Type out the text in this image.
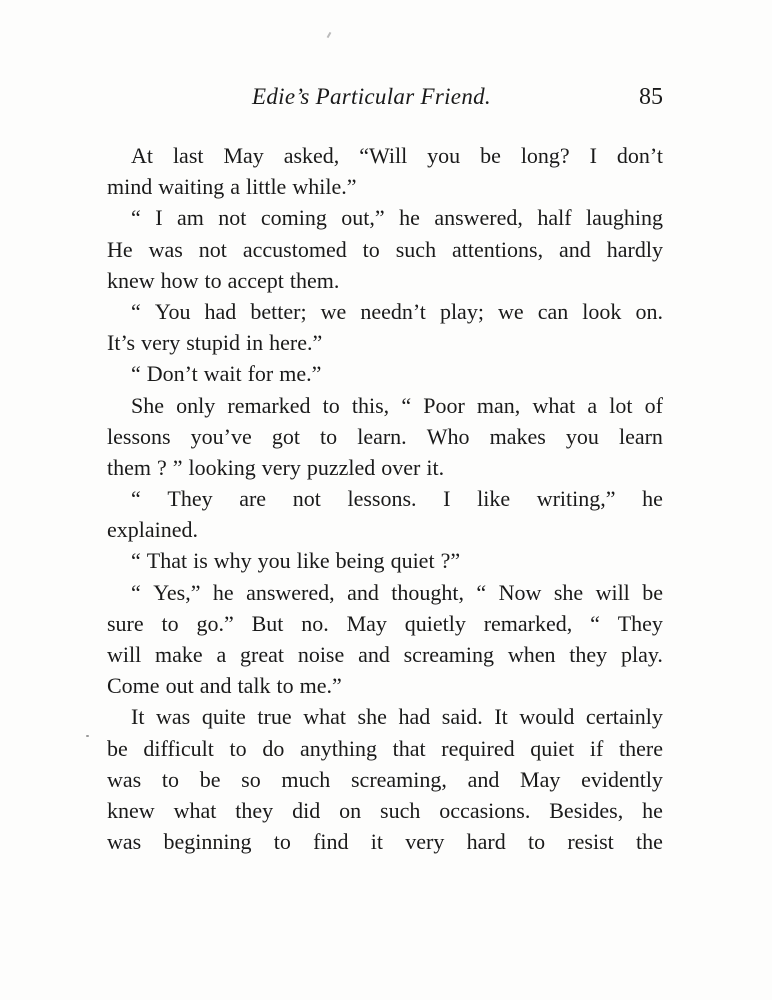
Edie’s Particular Friend.	85
At last May asked, “Will you be long? I don’t
mind waiting a little while.”
“ I am not coming out,” he answered, half laughing
He was not accustomed to such attentions, and hardly
knew how to accept them.
“ You had better; we needn’t play; we can look on.
It’s very stupid in here.”
“ Don’t wait for me.”
She only remarked to this, “ Poor man, what a lot of
lessons you’ve got to learn. Who makes you learn
them ? ” looking very puzzled over it.
“ They are not lessons. I like writing,” he
explained.
“ That is why you like being quiet ?”
“ Yes,” he answered, and thought, “ Now she will be
sure to go.” But no. May quietly remarked, “ They
will make a great noise and screaming when they play.
Come out and talk to me.”
It was quite true what she had said. It would certainly
be difficult to do anything that required quiet if there
was to be so much screaming, and May evidently
knew what they did on such occasions. Besides, he
was beginning to find it very hard to resist the
